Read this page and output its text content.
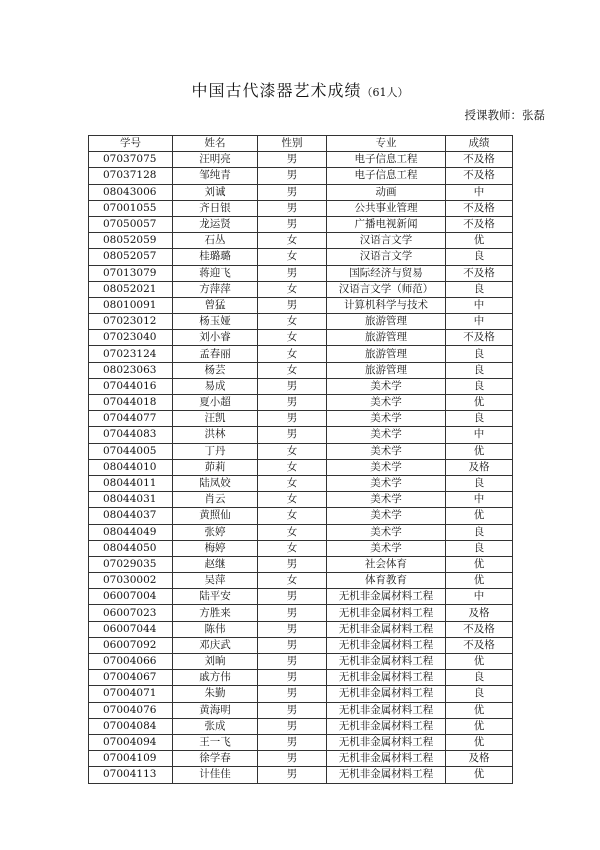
中国古代漆器艺术成绩（61人）
授课教师：张磊
学号	姓名	性别	专业	成绩
07037075	汪明亮	男	电子信息工程	不及格
07037128	邹纯青	男	电子信息工程	不及格
08043006	刘诚	男	动画	中
07001055	齐日银	男	公共事业管理	不及格
07050057	龙运贤	男	广播电视新闻	不及格
08052059	石丛	女	汉语言文学	优
08052057	桂璐璐	女	汉语言文学	良
07013079	蒋迎飞	男	国际经济与贸易	不及格
08052021	方萍萍	女	汉语言文学（师范）	良
08010091	曾猛	男	计算机科学与技术	中
07023012	杨玉娅	女	旅游管理	中
07023040	刘小睿	女	旅游管理	不及格
07023124	孟春丽	女	旅游管理	良
08023063	杨芸	女	旅游管理	良
07044016	易成	男	美术学	良
07044018	夏小超	男	美术学	优
07044077	汪凯	男	美术学	良
07044083	洪林	男	美术学	中
07044005	丁丹	女	美术学	优
08044010	茆莉	女	美术学	及格
08044011	陆凤姣	女	美术学	良
08044031	肖云	女	美术学	中
08044037	黄照仙	女	美术学	优
08044049	张婷	女	美术学	良
08044050	梅婷	女	美术学	良
07029035	赵继	男	社会体育	优
07030002	吴萍	女	体育教育	优
06007004	陆平安	男	无机非金属材料工程	中
06007023	方胜来	男	无机非金属材料工程	及格
06007044	陈伟	男	无机非金属材料工程	不及格
06007092	邓庆武	男	无机非金属材料工程	不及格
07004066	刘晌	男	无机非金属材料工程	优
07004067	戚方伟	男	无机非金属材料工程	良
07004071	朱勤	男	无机非金属材料工程	良
07004076	黄海明	男	无机非金属材料工程	优
07004084	张成	男	无机非金属材料工程	优
07004094	王一飞	男	无机非金属材料工程	优
07004109	徐学春	男	无机非金属材料工程	及格
07004113	计佳佳	男	无机非金属材料工程	优
